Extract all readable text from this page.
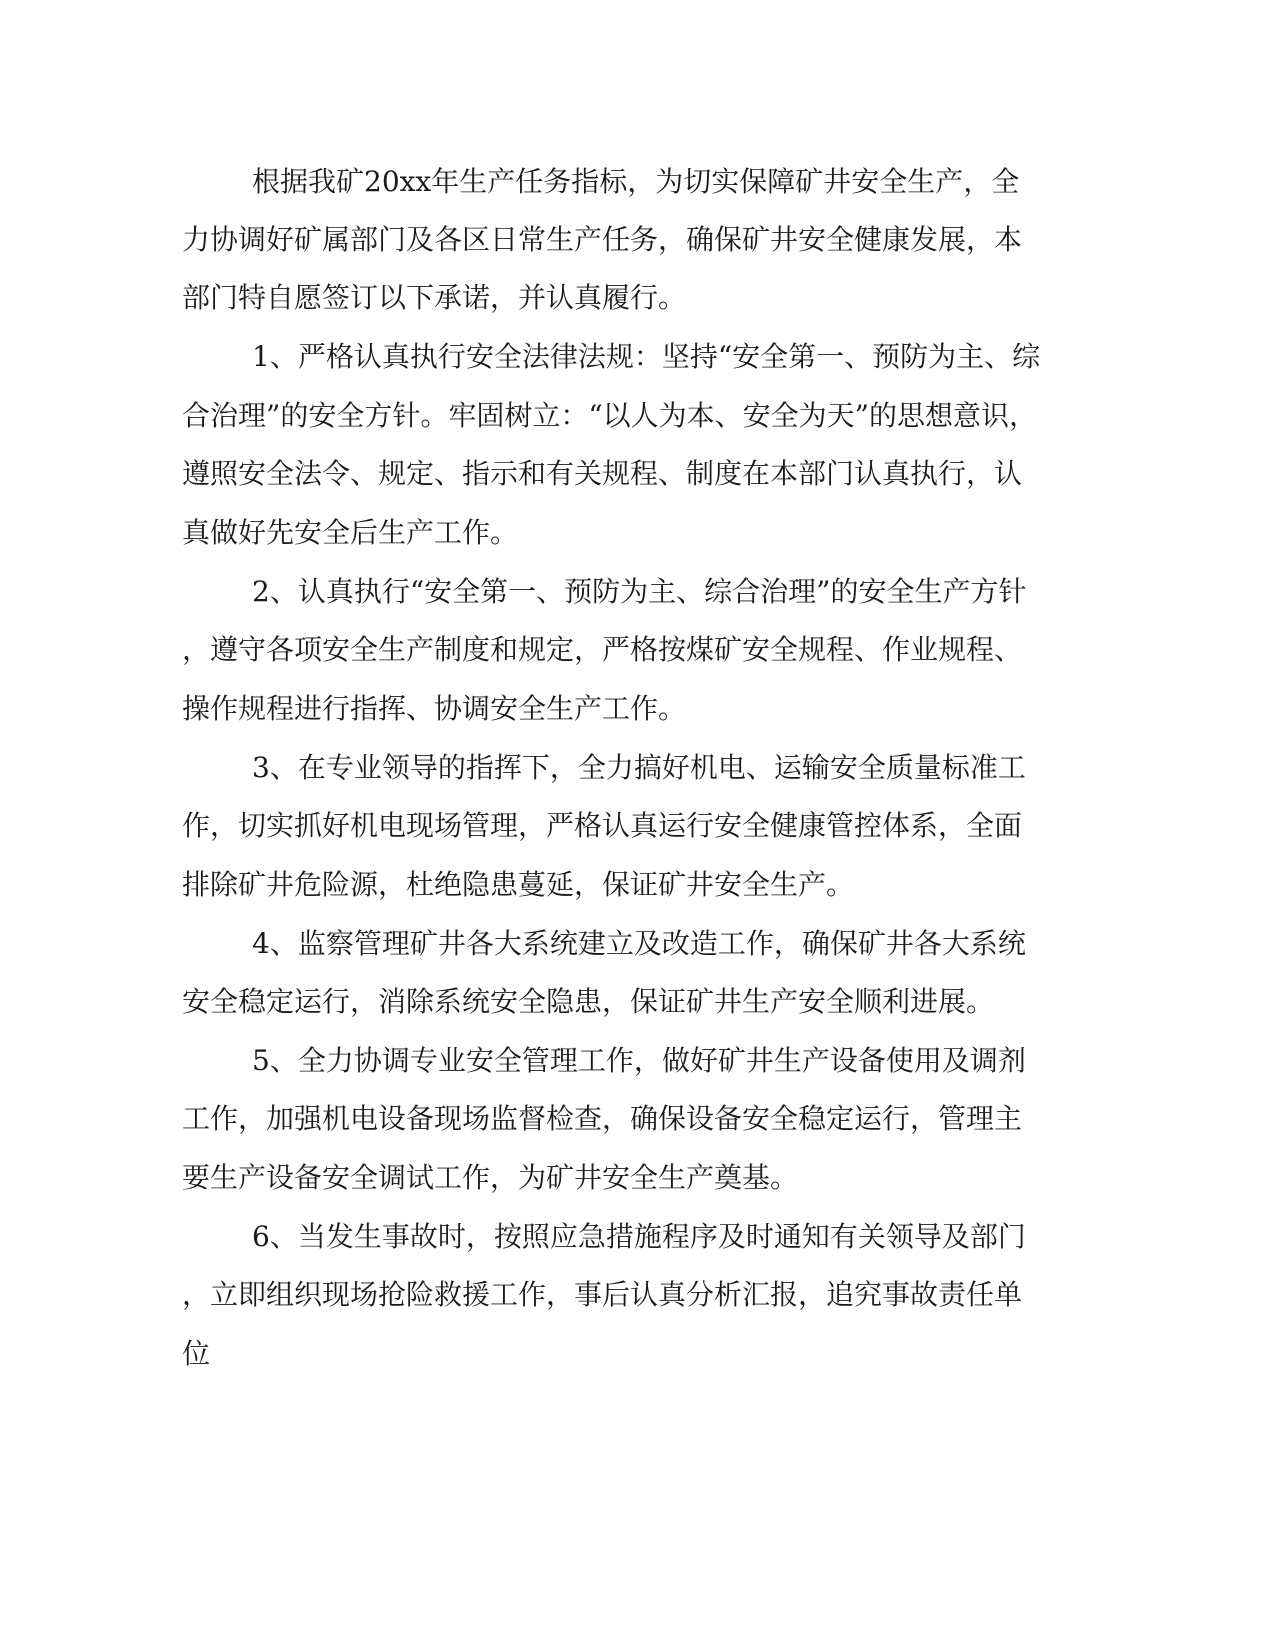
根据我矿20xx年生产任务指标，为切实保障矿井安全生产，全
力协调好矿属部门及各区日常生产任务，确保矿井安全健康发展，本
部门特自愿签订以下承诺，并认真履行。
1、严格认真执行安全法律法规：坚持“安全第一、预防为主、综
合治理”的安全方针。牢固树立：“以人为本、安全为天”的思想意识，
遵照安全法令、规定、指示和有关规程、制度在本部门认真执行，认
真做好先安全后生产工作。
2、认真执行“安全第一、预防为主、综合治理”的安全生产方针
，遵守各项安全生产制度和规定，严格按煤矿安全规程、作业规程、
操作规程进行指挥、协调安全生产工作。
3、在专业领导的指挥下，全力搞好机电、运输安全质量标准工
作，切实抓好机电现场管理，严格认真运行安全健康管控体系，全面
排除矿井危险源，杜绝隐患蔓延，保证矿井安全生产。
4、监察管理矿井各大系统建立及改造工作，确保矿井各大系统
安全稳定运行，消除系统安全隐患，保证矿井生产安全顺利进展。
5、全力协调专业安全管理工作，做好矿井生产设备使用及调剂
工作，加强机电设备现场监督检查，确保设备安全稳定运行，管理主
要生产设备安全调试工作，为矿井安全生产奠基。
6、当发生事故时，按照应急措施程序及时通知有关领导及部门
，立即组织现场抢险救援工作，事后认真分析汇报，追究事故责任单
位
